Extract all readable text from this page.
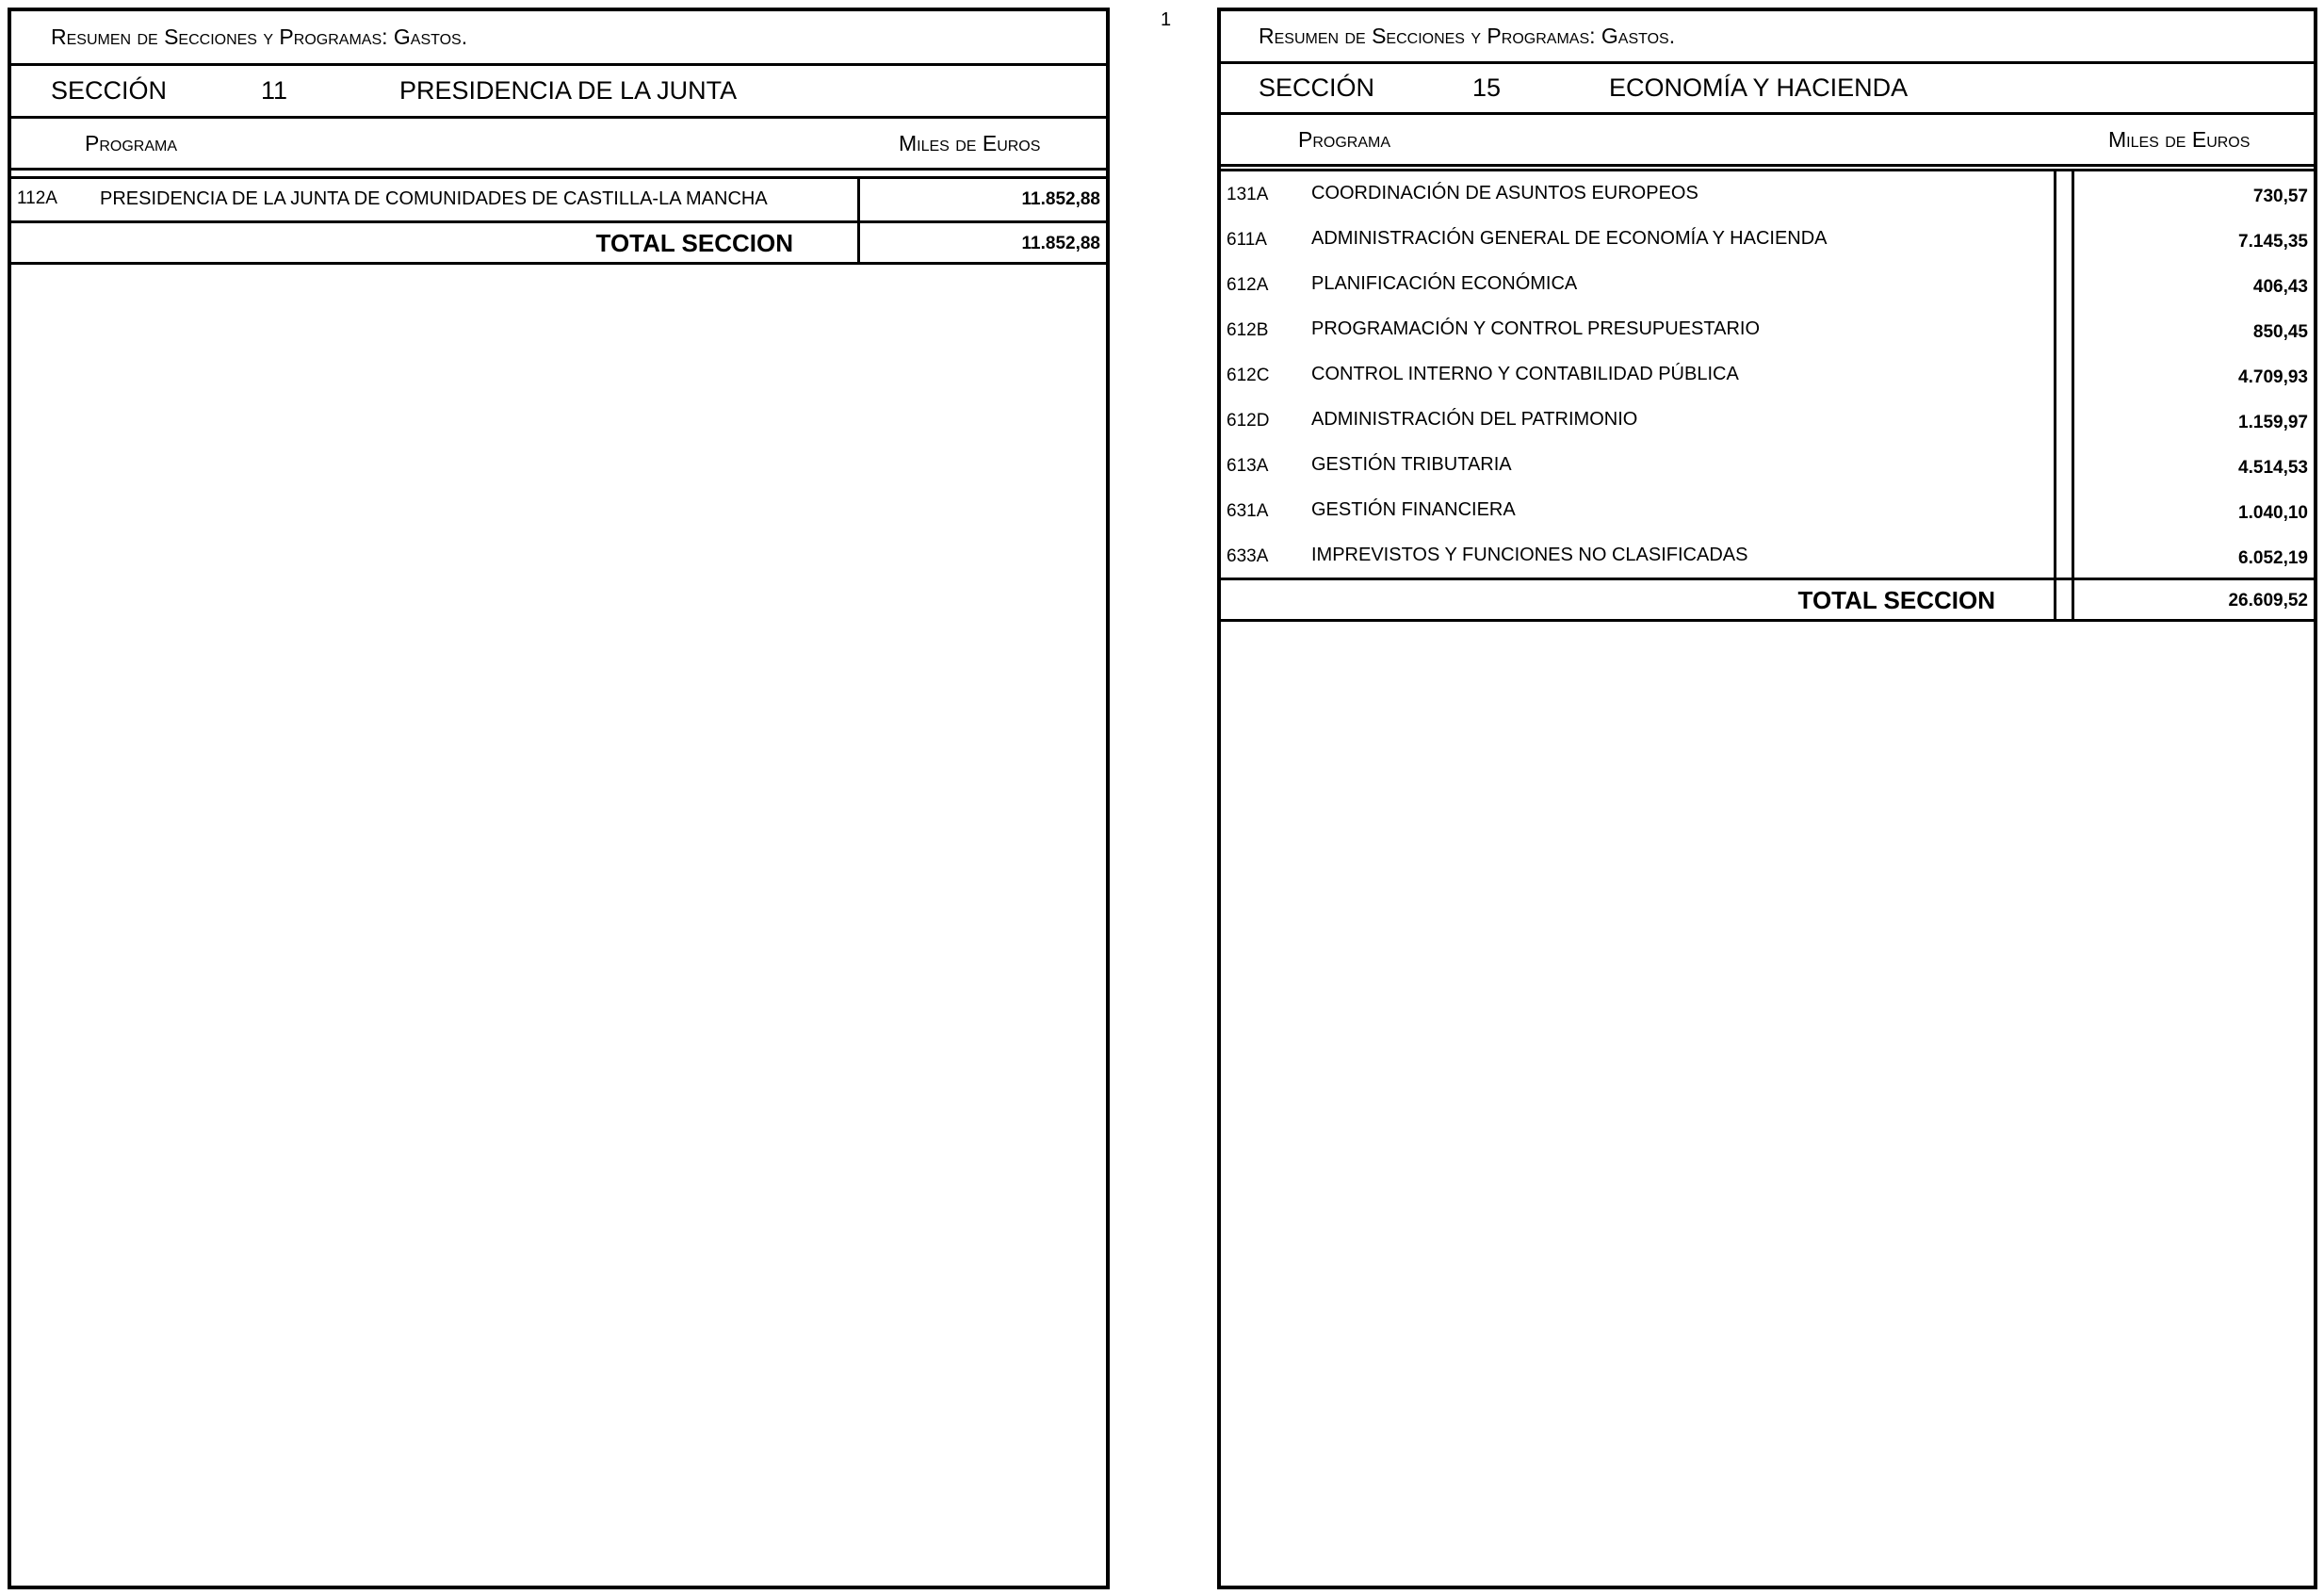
Resumen de Secciones y Programas: Gastos.
SECCIÓN	11	PRESIDENCIA DE LA JUNTA
Programa	Miles de Euros
112A PRESIDENCIA DE LA JUNTA DE COMUNIDADES DE CASTILLA-LA MANCHA	11.852,88
TOTAL SECCION	11.852,88
1
Resumen de Secciones y Programas: Gastos.
SECCIÓN	15	ECONOMÍA Y HACIENDA
Programa	Miles de Euros
131A COORDINACIÓN DE ASUNTOS EUROPEOS	730,57
611A ADMINISTRACIÓN GENERAL DE ECONOMÍA Y HACIENDA	7.145,35
612A PLANIFICACIÓN ECONÓMICA	406,43
612B PROGRAMACIÓN Y CONTROL PRESUPUESTARIO	850,45
612C CONTROL INTERNO Y CONTABILIDAD PÚBLICA	4.709,93
612D ADMINISTRACIÓN DEL PATRIMONIO	1.159,97
613A GESTIÓN TRIBUTARIA	4.514,53
631A GESTIÓN FINANCIERA	1.040,10
633A IMPREVISTOS Y FUNCIONES NO CLASIFICADAS	6.052,19
TOTAL SECCION	26.609,52
